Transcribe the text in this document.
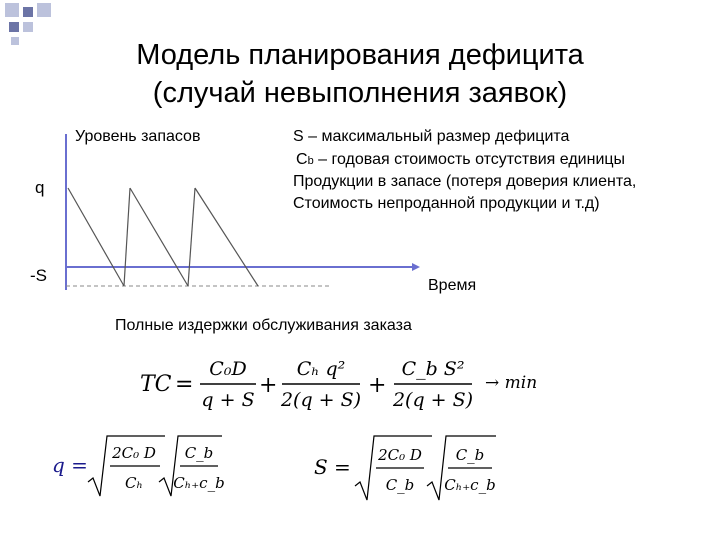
Модель планирования дефицита
(случай невыполнения заявок)
Уровень запасов
q
-S
Время
S – максимальный размер дефицита
Cb – годовая стоимость отсутствия единицы
Продукции в запасе (потеря доверия клиента,
Стоимость непроданной продукции и т.д)
Полные издержки обслуживания заказа
TC =
C₀D
q + S
+
Cₕ q²
2(q + S)
+
C_b S²
2(q + S)
→ min
q = 2C₀ D
Cₕ
C_b
Cₕ₊c_b
S = 2C₀ D
C_b
C_b
Cₕ₊c_b
